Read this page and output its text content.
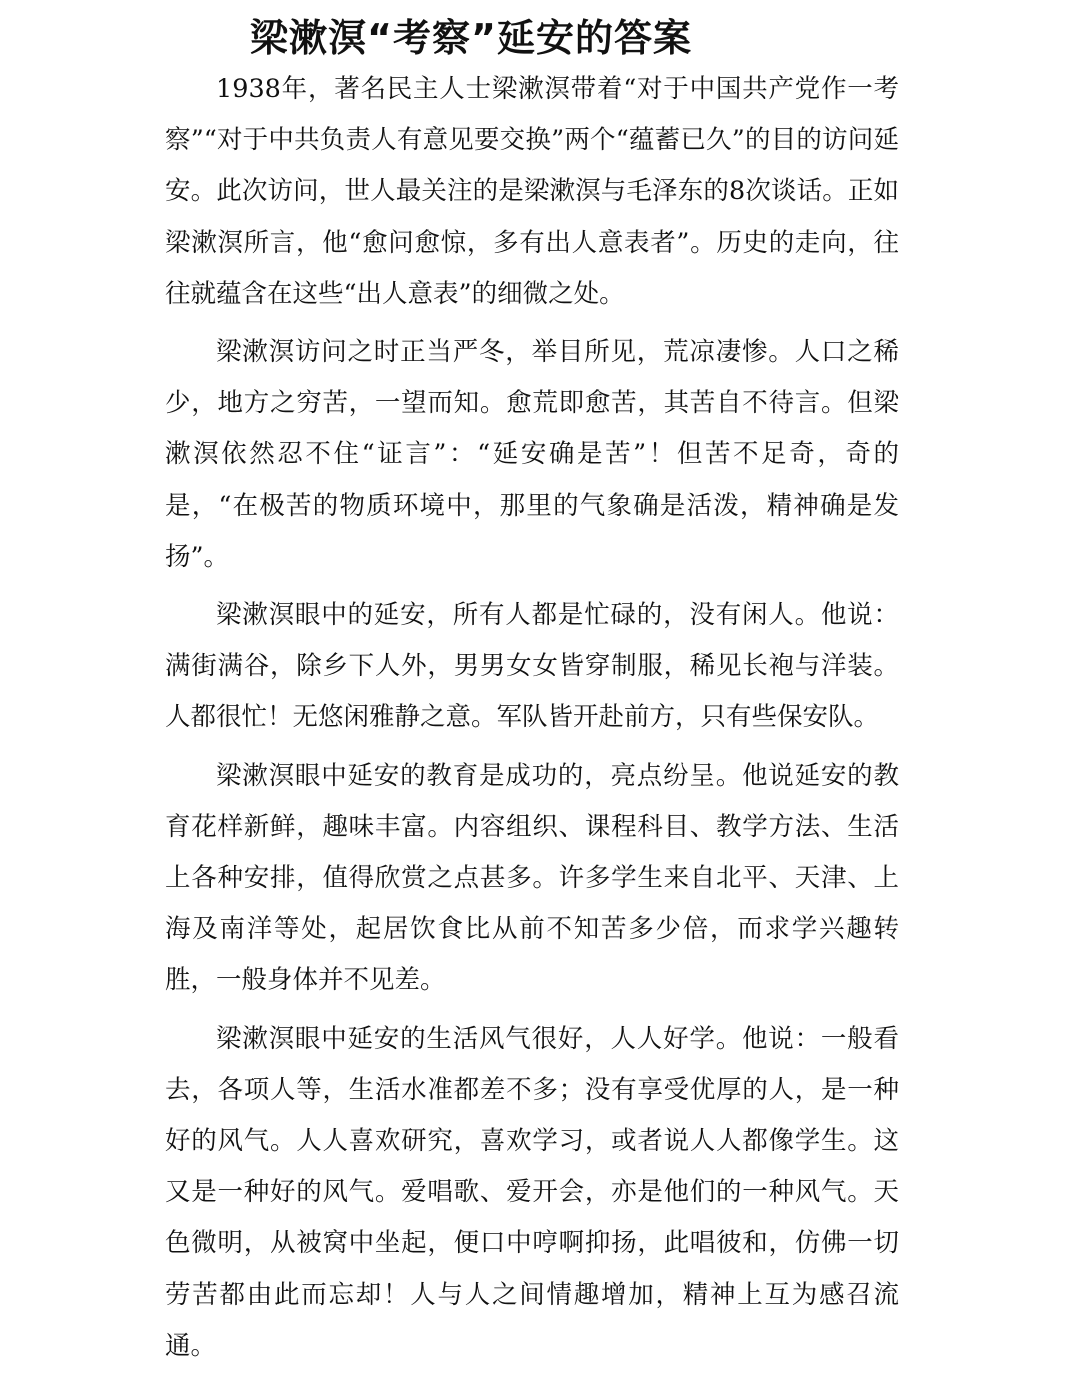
梁漱溟“考察”延安的答案

1938年，著名民主人士梁漱溟带着“对于中国共产党作一考察”“对于中共负责人有意见要交换”两个“蕴蓄已久”的目的访问延安。此次访问，世人最关注的是梁漱溟与毛泽东的8次谈话。正如梁漱溟所言，他“愈问愈惊，多有出人意表者”。历史的走向，往往就蕴含在这些“出人意表”的细微之处。

梁漱溟访问之时正当严冬，举目所见，荒凉凄惨。人口之稀少，地方之穷苦，一望而知。愈荒即愈苦，其苦自不待言。但梁漱溟依然忍不住“证言”：“延安确是苦”！但苦不足奇，奇的是，“在极苦的物质环境中，那里的气象确是活泼，精神确是发扬”。

梁漱溟眼中的延安，所有人都是忙碌的，没有闲人。他说：满街满谷，除乡下人外，男男女女皆穿制服，稀见长袍与洋装。人都很忙！无悠闲雅静之意。军队皆开赴前方，只有些保安队。

梁漱溟眼中延安的教育是成功的，亮点纷呈。他说延安的教育花样新鲜，趣味丰富。内容组织、课程科目、教学方法、生活上各种安排，值得欣赏之点甚多。许多学生来自北平、天津、上海及南洋等处，起居饮食比从前不知苦多少倍，而求学兴趣转胜，一般身体并不见差。

梁漱溟眼中延安的生活风气很好，人人好学。他说：一般看去，各项人等，生活水准都差不多；没有享受优厚的人，是一种好的风气。人人喜欢研究，喜欢学习，或者说人人都像学生。这又是一种好的风气。爱唱歌、爱开会，亦是他们的一种风气。天色微明，从被窝中坐起，便口中哼啊抑扬，此唱彼和，仿佛一切劳苦都由此而忘却！人与人之间情趣增加，精神上互为感召流通。
